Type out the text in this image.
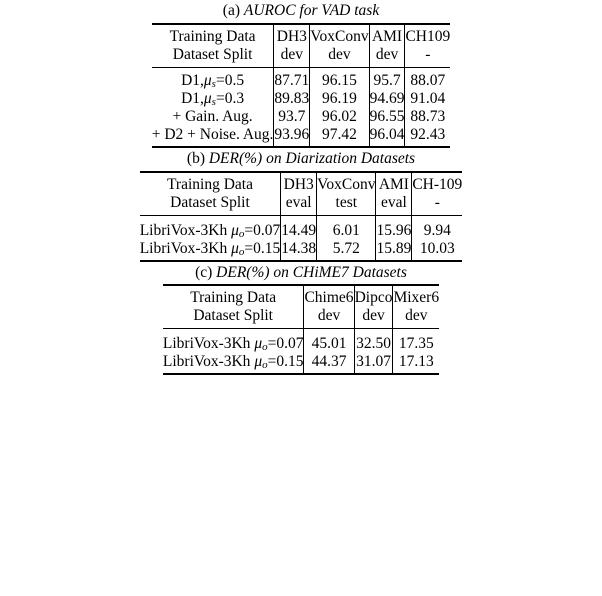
(a) AUROC for VAD task
Training Data	DH3	VoxConv	AMI	CH109
Dataset Split	dev	dev	dev	-

D1,μs=0.5	87.71	96.15	95.7	88.07
D1,μs=0.3	89.83	96.19	94.69	91.04
+ Gain. Aug.	93.7	96.02	96.55	88.73
+ D2 + Noise. Aug.	93.96	97.42	96.04	92.43
(b) DER(%) on Diarization Datasets
Training Data	DH3	VoxConv	AMI	CH-109
Dataset Split	eval	test	eval	-

LibriVox-3Kh μo=0.07	14.49	6.01	15.96	9.94
LibriVox-3Kh μo=0.15	14.38	5.72	15.89	10.03
(c) DER(%) on CHiME7 Datasets
Training Data	Chime6	Dipco	Mixer6
Dataset Split	dev	dev	dev

LibriVox-3Kh μo=0.07	45.01	32.50	17.35
LibriVox-3Kh μo=0.15	44.37	31.07	17.13
